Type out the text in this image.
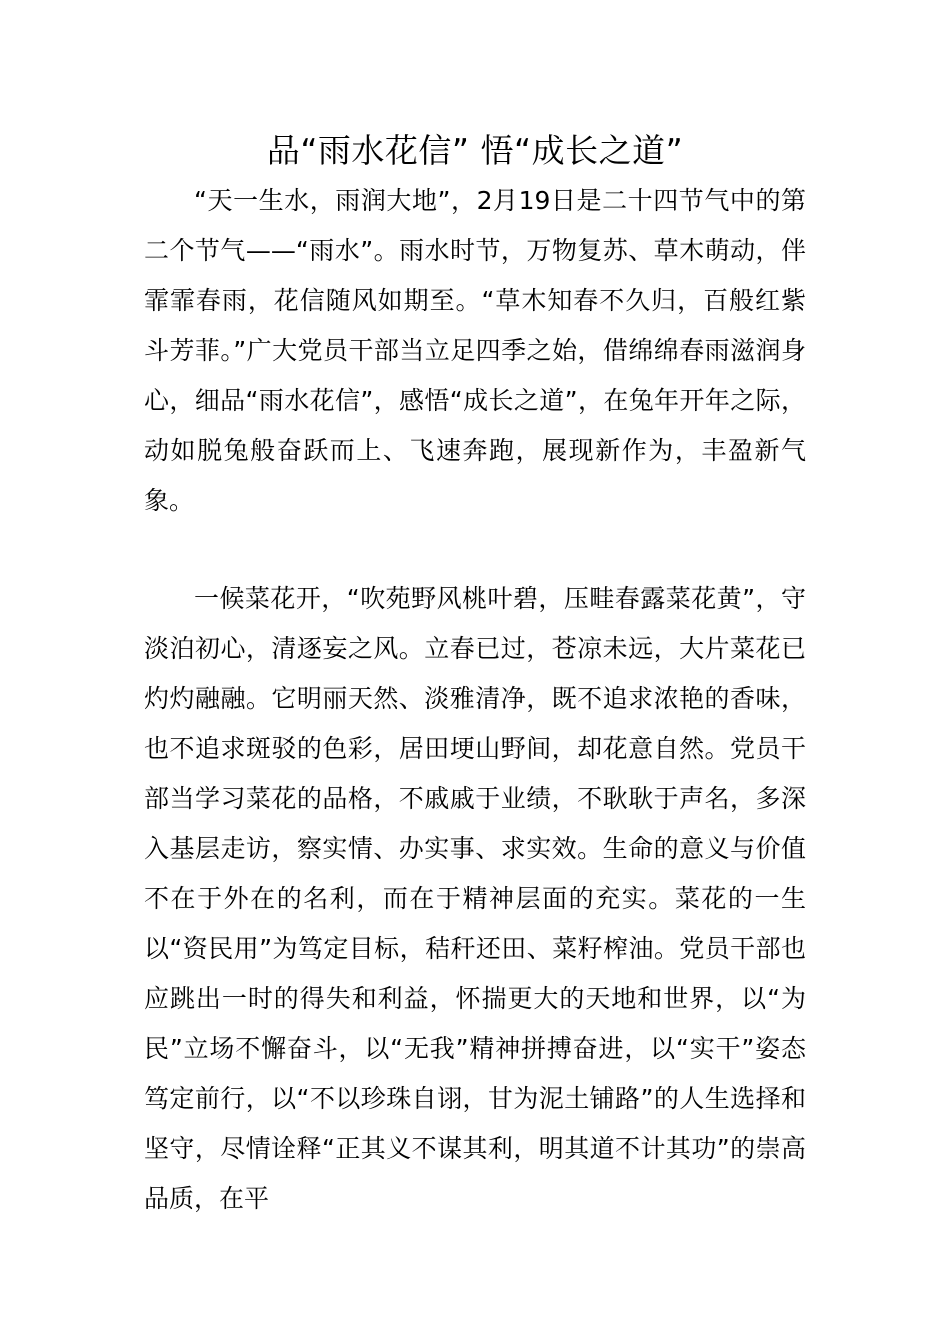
品“雨水花信” 悟“成长之道”

“天一生水，雨润大地”，2月19日是二十四节气中的第二个节气——“雨水”。雨水时节，万物复苏、草木萌动，伴霏霏春雨，花信随风如期至。“草木知春不久归，百般红紫斗芳菲。”广大党员干部当立足四季之始，借绵绵春雨滋润身心，细品“雨水花信”，感悟“成长之道”，在兔年开年之际，动如脱兔般奋跃而上、飞速奔跑，展现新作为，丰盈新气象。

一候菜花开，“吹苑野风桃叶碧，压畦春露菜花黄”，守淡泊初心，清逐妄之风。立春已过，苍凉未远，大片菜花已灼灼融融。它明丽天然、淡雅清净，既不追求浓艳的香味，也不追求斑驳的色彩，居田埂山野间，却花意自然。党员干部当学习菜花的品格，不戚戚于业绩，不耿耿于声名，多深入基层走访，察实情、办实事、求实效。生命的意义与价值不在于外在的名利，而在于精神层面的充实。菜花的一生以“资民用”为笃定目标，秸秆还田、菜籽榨油。党员干部也应跳出一时的得失和利益，怀揣更大的天地和世界，以“为民”立场不懈奋斗，以“无我”精神拼搏奋进，以“实干”姿态笃定前行，以“不以珍珠自诩，甘为泥土铺路”的人生选择和坚守，尽情诠释“正其义不谋其利，明其道不计其功”的崇高品质，在平
